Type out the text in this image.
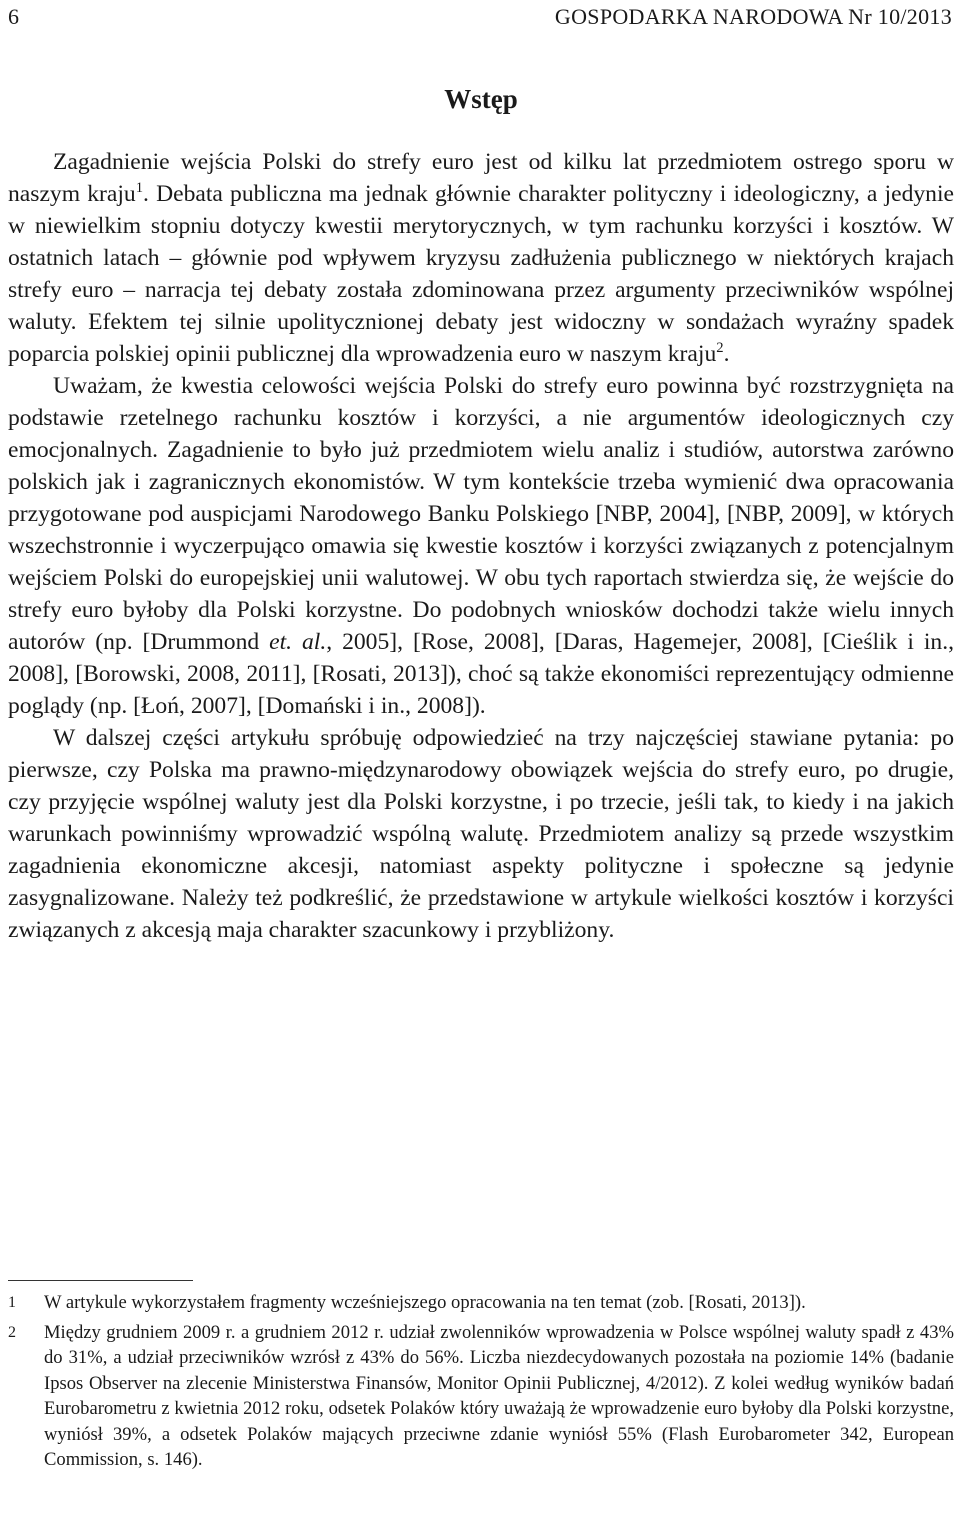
6	GOSPODARKA NARODOWA Nr 10/2013
Wstęp

Zagadnienie wejścia Polski do strefy euro jest od kilku lat przedmiotem ostrego sporu w naszym kraju$^1$. Debata publiczna ma jednak głównie charakter polityczny i ideologiczny, a jedynie w niewielkim stopniu dotyczy kwestii merytorycznych, w tym rachunku korzyści i kosztów. W ostatnich latach – głównie pod wpływem kryzysu zadłużenia publicznego w niektórych krajach strefy euro – narracja tej debaty została zdominowana przez argumenty przeciwników wspólnej waluty. Efektem tej silnie upolitycznionej debaty jest widoczny w sondażach wyraźny spadek poparcia polskiej opinii publicznej dla wprowadzenia euro w naszym kraju$^2$.

Uważam, że kwestia celowości wejścia Polski do strefy euro powinna być rozstrzygnięta na podstawie rzetelnego rachunku kosztów i korzyści, a nie argumentów ideologicznych czy emocjonalnych. Zagadnienie to było już przedmiotem wielu analiz i studiów, autorstwa zarówno polskich jak i zagranicznych ekonomistów. W tym kontekście trzeba wymienić dwa opracowania przygotowane pod auspicjami Narodowego Banku Polskiego [NBP, 2004], [NBP, 2009], w których wszechstronnie i wyczerpująco omawia się kwestie kosztów i korzyści związanych z potencjalnym wejściem Polski do europejskiej unii walutowej. W obu tych raportach stwierdza się, że wejście do strefy euro byłoby dla Polski korzystne. Do podobnych wniosków dochodzi także wielu innych autorów (np. [Drummond et. al., 2005], [Rose, 2008], [Daras, Hagemejer, 2008], [Cieślik i in., 2008], [Borowski, 2008, 2011], [Rosati, 2013]), choć są także ekonomiści reprezentujący odmienne poglądy (np. [Łoń, 2007], [Domański i in., 2008]).

W dalszej części artykułu spróbuję odpowiedzieć na trzy najczęściej stawiane pytania: po pierwsze, czy Polska ma prawno-międzynarodowy obowiązek wejścia do strefy euro, po drugie, czy przyjęcie wspólnej waluty jest dla Polski korzystne, i po trzecie, jeśli tak, to kiedy i na jakich warunkach powinniśmy wprowadzić wspólną walutę. Przedmiotem analizy są przede wszystkim zagadnienia ekonomiczne akcesji, natomiast aspekty polityczne i społeczne są jedynie zasygnalizowane. Należy też podkreślić, że przedstawione w artykule wielkości kosztów i korzyści związanych z akcesją maja charakter szacunkowy i przybliżony.

1 W artykule wykorzystałem fragmenty wcześniejszego opracowania na ten temat (zob. [Rosati, 2013]).
2 Między grudniem 2009 r. a grudniem 2012 r. udział zwolenników wprowadzenia w Polsce wspólnej waluty spadł z 43% do 31%, a udział przeciwników wzrósł z 43% do 56%. Liczba niezdecydowanych pozostała na poziomie 14% (badanie Ipsos Observer na zlecenie Ministerstwa Finansów, Monitor Opinii Publicznej, 4/2012). Z kolei według wyników badań Eurobarometru z kwietnia 2012 roku, odsetek Polaków który uważają że wprowadzenie euro byłoby dla Polski korzystne, wyniósł 39%, a odsetek Polaków mających przeciwne zdanie wyniósł 55% (Flash Eurobarometer 342, European Commission, s. 146).
